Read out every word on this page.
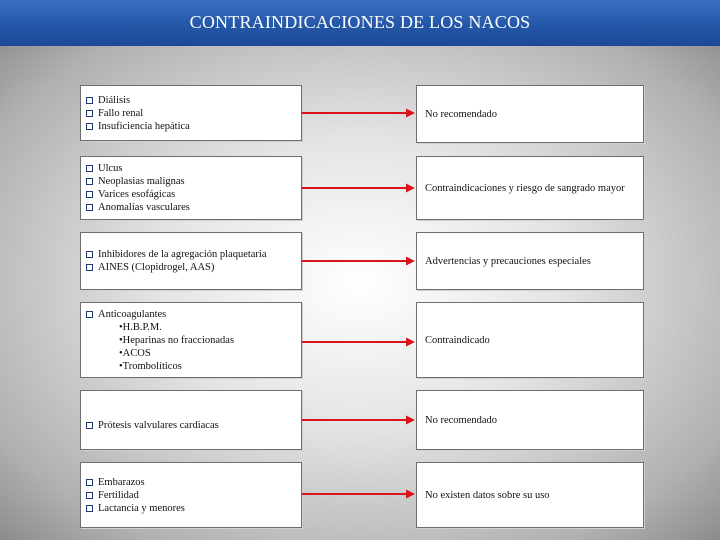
CONTRAINDICACIONES DE LOS NACOS
Diálisis
Fallo renal
Insuficiencia hepática
No recomendado
Ulcus
Neoplasias malignas
Varices esofágicas
Anomalías vasculares
Contraindicaciones y riesgo de sangrado mayor
Inhibidores de la agregación plaquetaria
AINES (Clopidrogel, AAS)
Advertencias y precauciones especiales
Anticoagulantes
•H.B.P.M.
•Heparinas no fraccionadas
•ACOS
•Trombolíticos
Contraindicado
Prótesis valvulares cardiacas	No recomendado
Embarazos
Fertilidad
Lactancia y menores
No existen datos sobre su uso
